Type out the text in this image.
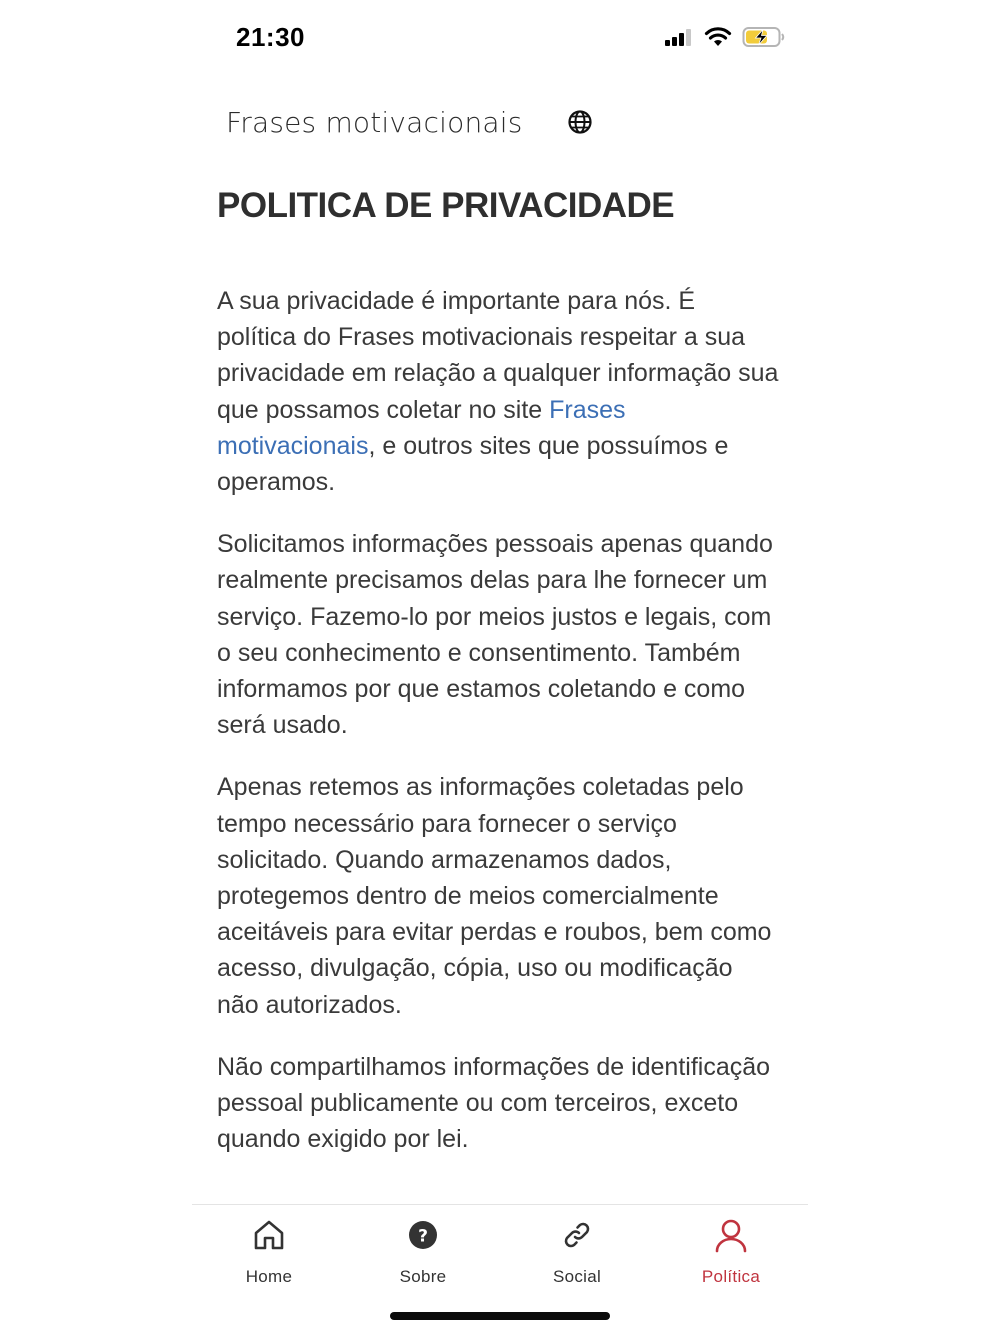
21:30
Frases motivacionais
POLITICA DE PRIVACIDADE

A sua privacidade é importante para nós. É política do Frases motivacionais respeitar a sua privacidade em relação a qualquer informação sua que possamos coletar no site Frases motivacionais, e outros sites que possuímos e operamos.

Solicitamos informações pessoais apenas quando realmente precisamos delas para lhe fornecer um serviço. Fazemo-lo por meios justos e legais, com o seu conhecimento e consentimento. Também informamos por que estamos coletando e como será usado.

Apenas retemos as informações coletadas pelo tempo necessário para fornecer o serviço solicitado. Quando armazenamos dados, protegemos dentro de meios comercialmente aceitáveis para evitar perdas e roubos, bem como acesso, divulgação, cópia, uso ou modificação não autorizados.

Não compartilhamos informações de identificação pessoal publicamente ou com terceiros, exceto quando exigido por lei.

Home
?
Sobre	Social	Política
